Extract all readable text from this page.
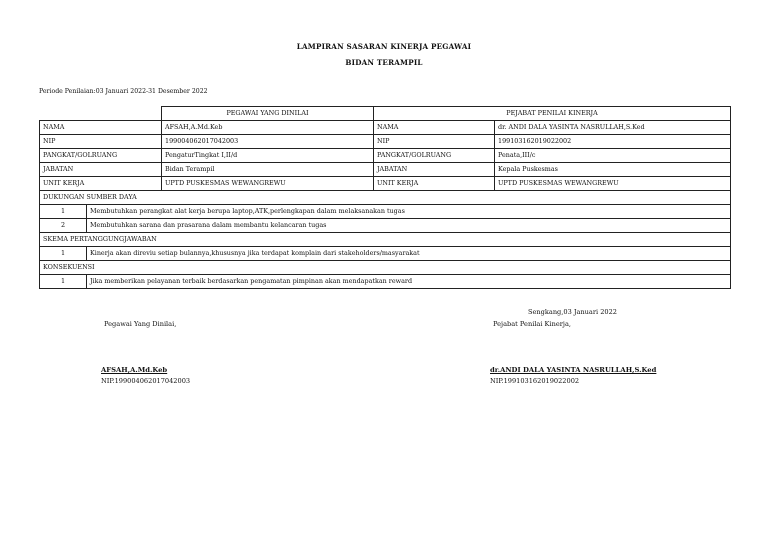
LAMPIRAN SASARAN KINERJA PEGAWAI
BIDAN TERAMPIL
Periode Penilaian:03 Januari 2022-31 Desember 2022
		PEGAWAI YANG DINILAI	PEJABAT PENILAI KINERJA	
NAMA		AFSAH,A.Md.Keb	NAMA	dr. ANDI DALA YASINTA NASRULLAH,S.Ked
NIP		199004062017042003	NIP	199103162019022002
PANGKAT/GOLRUANG		PengaturTingkat I,II/d	PANGKAT/GOLRUANG	Penata,III/c
JABATAN		Bidan Terampil	JABATAN	Kepala Puskesmas
UNIT KERJA		UPTD PUSKESMAS WEWANGREWU	UNIT KERJA	UPTD PUSKESMAS WEWANGREWU
DUKUNGAN SUMBER DAYA				
1	Membutuhkan perangkat alat kerja berupa laptop,ATK,perlengkapan dalam melaksanakan tugas			
2	Membutuhkan sarana dan prasarana dalam membantu kelancaran tugas			
SKEMA PERTANGGUNGJAWABAN				
1	Kinerja akan direviu setiap bulannya,khususnya jika terdapat komplain dari stakeholders/masyarakat			
KONSEKUENSI				
1	Jika memberikan pelayanan terbaik berdasarkan pengamatan pimpinan akan mendapatkan reward			
Sengkang,03 Januari 2022
Pegawai Yang Dinilai,	Pejabat Penilai Kinerja,
AFSAH,A.Md.Keb
NIP.199004062017042003
dr.ANDI DALA YASINTA NASRULLAH,S.Ked
NIP.199103162019022002
